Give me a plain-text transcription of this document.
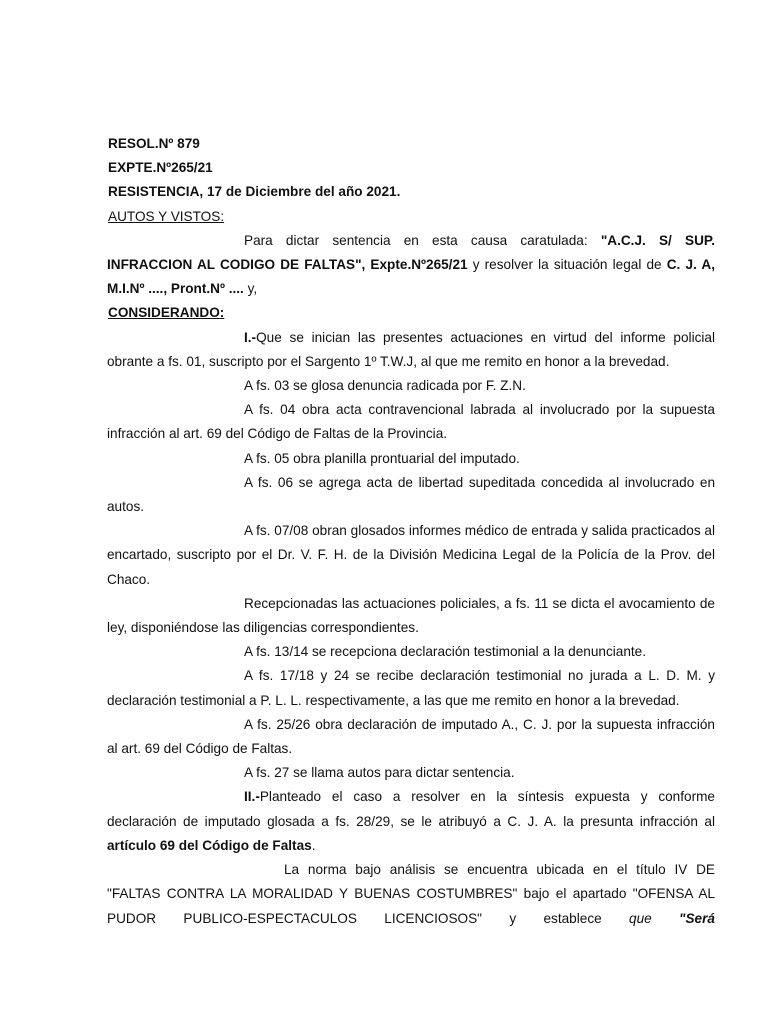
RESOL.Nº 879
EXPTE.Nº265/21
RESISTENCIA, 17 de Diciembre del año 2021.
AUTOS Y VISTOS:

Para dictar sentencia en esta causa caratulada: "A.C.J. S/ SUP. INFRACCION AL CODIGO DE FALTAS", Expte.Nº265/21 y resolver la situación legal de C. J. A, M.I.Nº ...., Pront.Nº .... y,

CONSIDERANDO:

I.-Que se inician las presentes actuaciones en virtud del informe policial obrante a fs. 01, suscripto por el Sargento 1º T.W.J, al que me remito en honor a la brevedad.

A fs. 03 se glosa denuncia radicada por F. Z.N.

A fs. 04 obra acta contravencional labrada al involucrado por la supuesta infracción al art. 69 del Código de Faltas de la Provincia.

A fs. 05 obra planilla prontuarial del imputado.

A fs. 06 se agrega acta de libertad supeditada concedida al involucrado en autos.

A fs. 07/08 obran glosados informes médico de entrada y salida practicados al encartado, suscripto por el Dr. V. F. H. de la División Medicina Legal de la Policía de la Prov. del Chaco.

Recepcionadas las actuaciones policiales, a fs. 11 se dicta el avocamiento de ley, disponiéndose las diligencias correspondientes.

A fs. 13/14 se recepciona declaración testimonial a la denunciante.

A fs. 17/18 y 24 se recibe declaración testimonial no jurada a L. D. M. y declaración testimonial a P. L. L. respectivamente, a las que me remito en honor a la brevedad.

A fs. 25/26 obra declaración de imputado A., C. J. por la supuesta infracción al art. 69 del Código de Faltas.

A fs. 27 se llama autos para dictar sentencia.

II.-Planteado el caso a resolver en la síntesis expuesta y conforme declaración de imputado glosada a fs. 28/29, se le atribuyó a C. J. A. la presunta infracción al artículo 69 del Código de Faltas.

La norma bajo análisis se encuentra ubicada en el título IV DE "FALTAS CONTRA LA MORALIDAD Y BUENAS COSTUMBRES" bajo el apartado "OFENSA AL PUDOR PUBLICO-ESPECTACULOS LICENCIOSOS" y establece que "Será
